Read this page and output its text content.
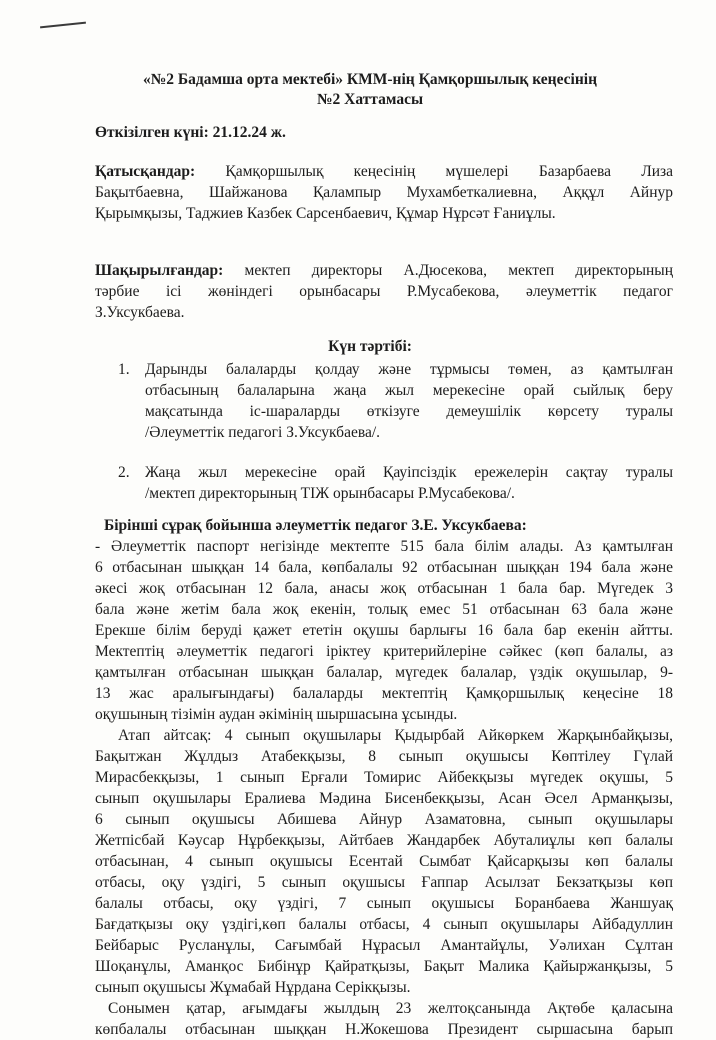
«№2 Бадамша орта мектебі» КММ-нің Қамқоршылық кеңесінің
№2 Хаттамасы
Өткізілген күні: 21.12.24 ж.
Қатысқандар: Қамқоршылық кеңесінің мүшелері Базарбаева Лиза
Бақытбаевна, Шайжанова Қалампыр Мухамбеткалиевна, Аққұл Айнур
Қырымқызы, Таджиев Казбек Сарсенбаевич, Құмар Нұрсәт Ғаниұлы.
Шақырылғандар: мектеп директоры А.Дюсекова, мектеп директорының
тәрбие ісі жөніндегі орынбасары Р.Мусабекова, әлеуметтік педагог
З.Уксукбаева.
Күн тәртібі:
1. Дарынды балаларды қолдау және тұрмысы төмен, аз қамтылған
отбасының балаларына жаңа жыл мерекесіне орай сыйлық беру
мақсатында іс-шараларды өткізуге демеушілік көрсету туралы
/Әлеуметтік педагогі З.Уксукбаева/.
2. Жаңа жыл мерекесіне орай Қауіпсіздік ережелерін сақтау туралы
/мектеп директорының ТІЖ орынбасары Р.Мусабекова/.
Бірінші сұрақ бойынша әлеуметтік педагог З.Е. Уксукбаева:
- Әлеуметтік паспорт негізінде мектепте 515 бала білім алады. Аз қамтылған
6 отбасынан шыққан 14 бала, көпбалалы 92 отбасынан шыққан 194 бала және
әкесі жоқ отбасынан 12 бала, анасы жоқ отбасынан 1 бала бар. Мүгедек 3
бала және жетім бала жоқ екенін, толық емес 51 отбасынан 63 бала және
Ерекше білім беруді қажет ететін оқушы барлығы 16 бала бар екенін айтты.
Мектептің әлеуметтік педагогі іріктеу критерийлеріне сәйкес (көп балалы, аз
қамтылған отбасынан шыққан балалар, мүгедек балалар, үздік оқушылар, 9-
13 жас аралығындағы) балаларды мектептің Қамқоршылық кеңесіне 18
оқушының тізімін аудан әкімінің шыршасына ұсынды.
Атап айтсақ: 4 сынып оқушылары Қыдырбай Айкөркем Жарқынбайқызы,
Бақытжан Жұлдыз Атабекқызы, 8 сынып оқушысы Көптілеу Гүлай
Мирасбекқызы, 1 сынып Ерғали Томирис Айбекқызы мүгедек оқушы, 5
сынып оқушылары Ералиева Мәдина Бисенбекқызы, Асан Әсел Арманқызы,
6 сынып оқушысы Абишева Айнур Азаматовна, сынып оқушылары
Жетпісбай Кәусар Нұрбекқызы, Айтбаев Жандарбек Абуталиұлы көп балалы
отбасынан, 4 сынып оқушысы Есентай Сымбат Қайсарқызы көп балалы
отбасы, оқу үздігі, 5 сынып оқушысы Ғаппар Асылзат Бекзатқызы көп
балалы отбасы, оқу үздігі, 7 сынып оқушысы Боранбаева Жаншуақ
Бағдатқызы оқу үздігі,көп балалы отбасы, 4 сынып оқушылары Айбадуллин
Бейбарыс Русланұлы, Сағымбай Нұрасыл Амантайұлы, Уәлихан Сұлтан
Шоқанұлы, Аманқос Бибінұр Қайратқызы, Бақыт Малика Қайыржанқызы, 5
сынып оқушысы Жұмабай Нұрдана Серікқызы.
Сонымен қатар, ағымдағы жылдың 23 желтоқсанында Ақтөбе қаласына
көпбалалы отбасынан шыққан Н.Жокешова Президент сыршасына барып
